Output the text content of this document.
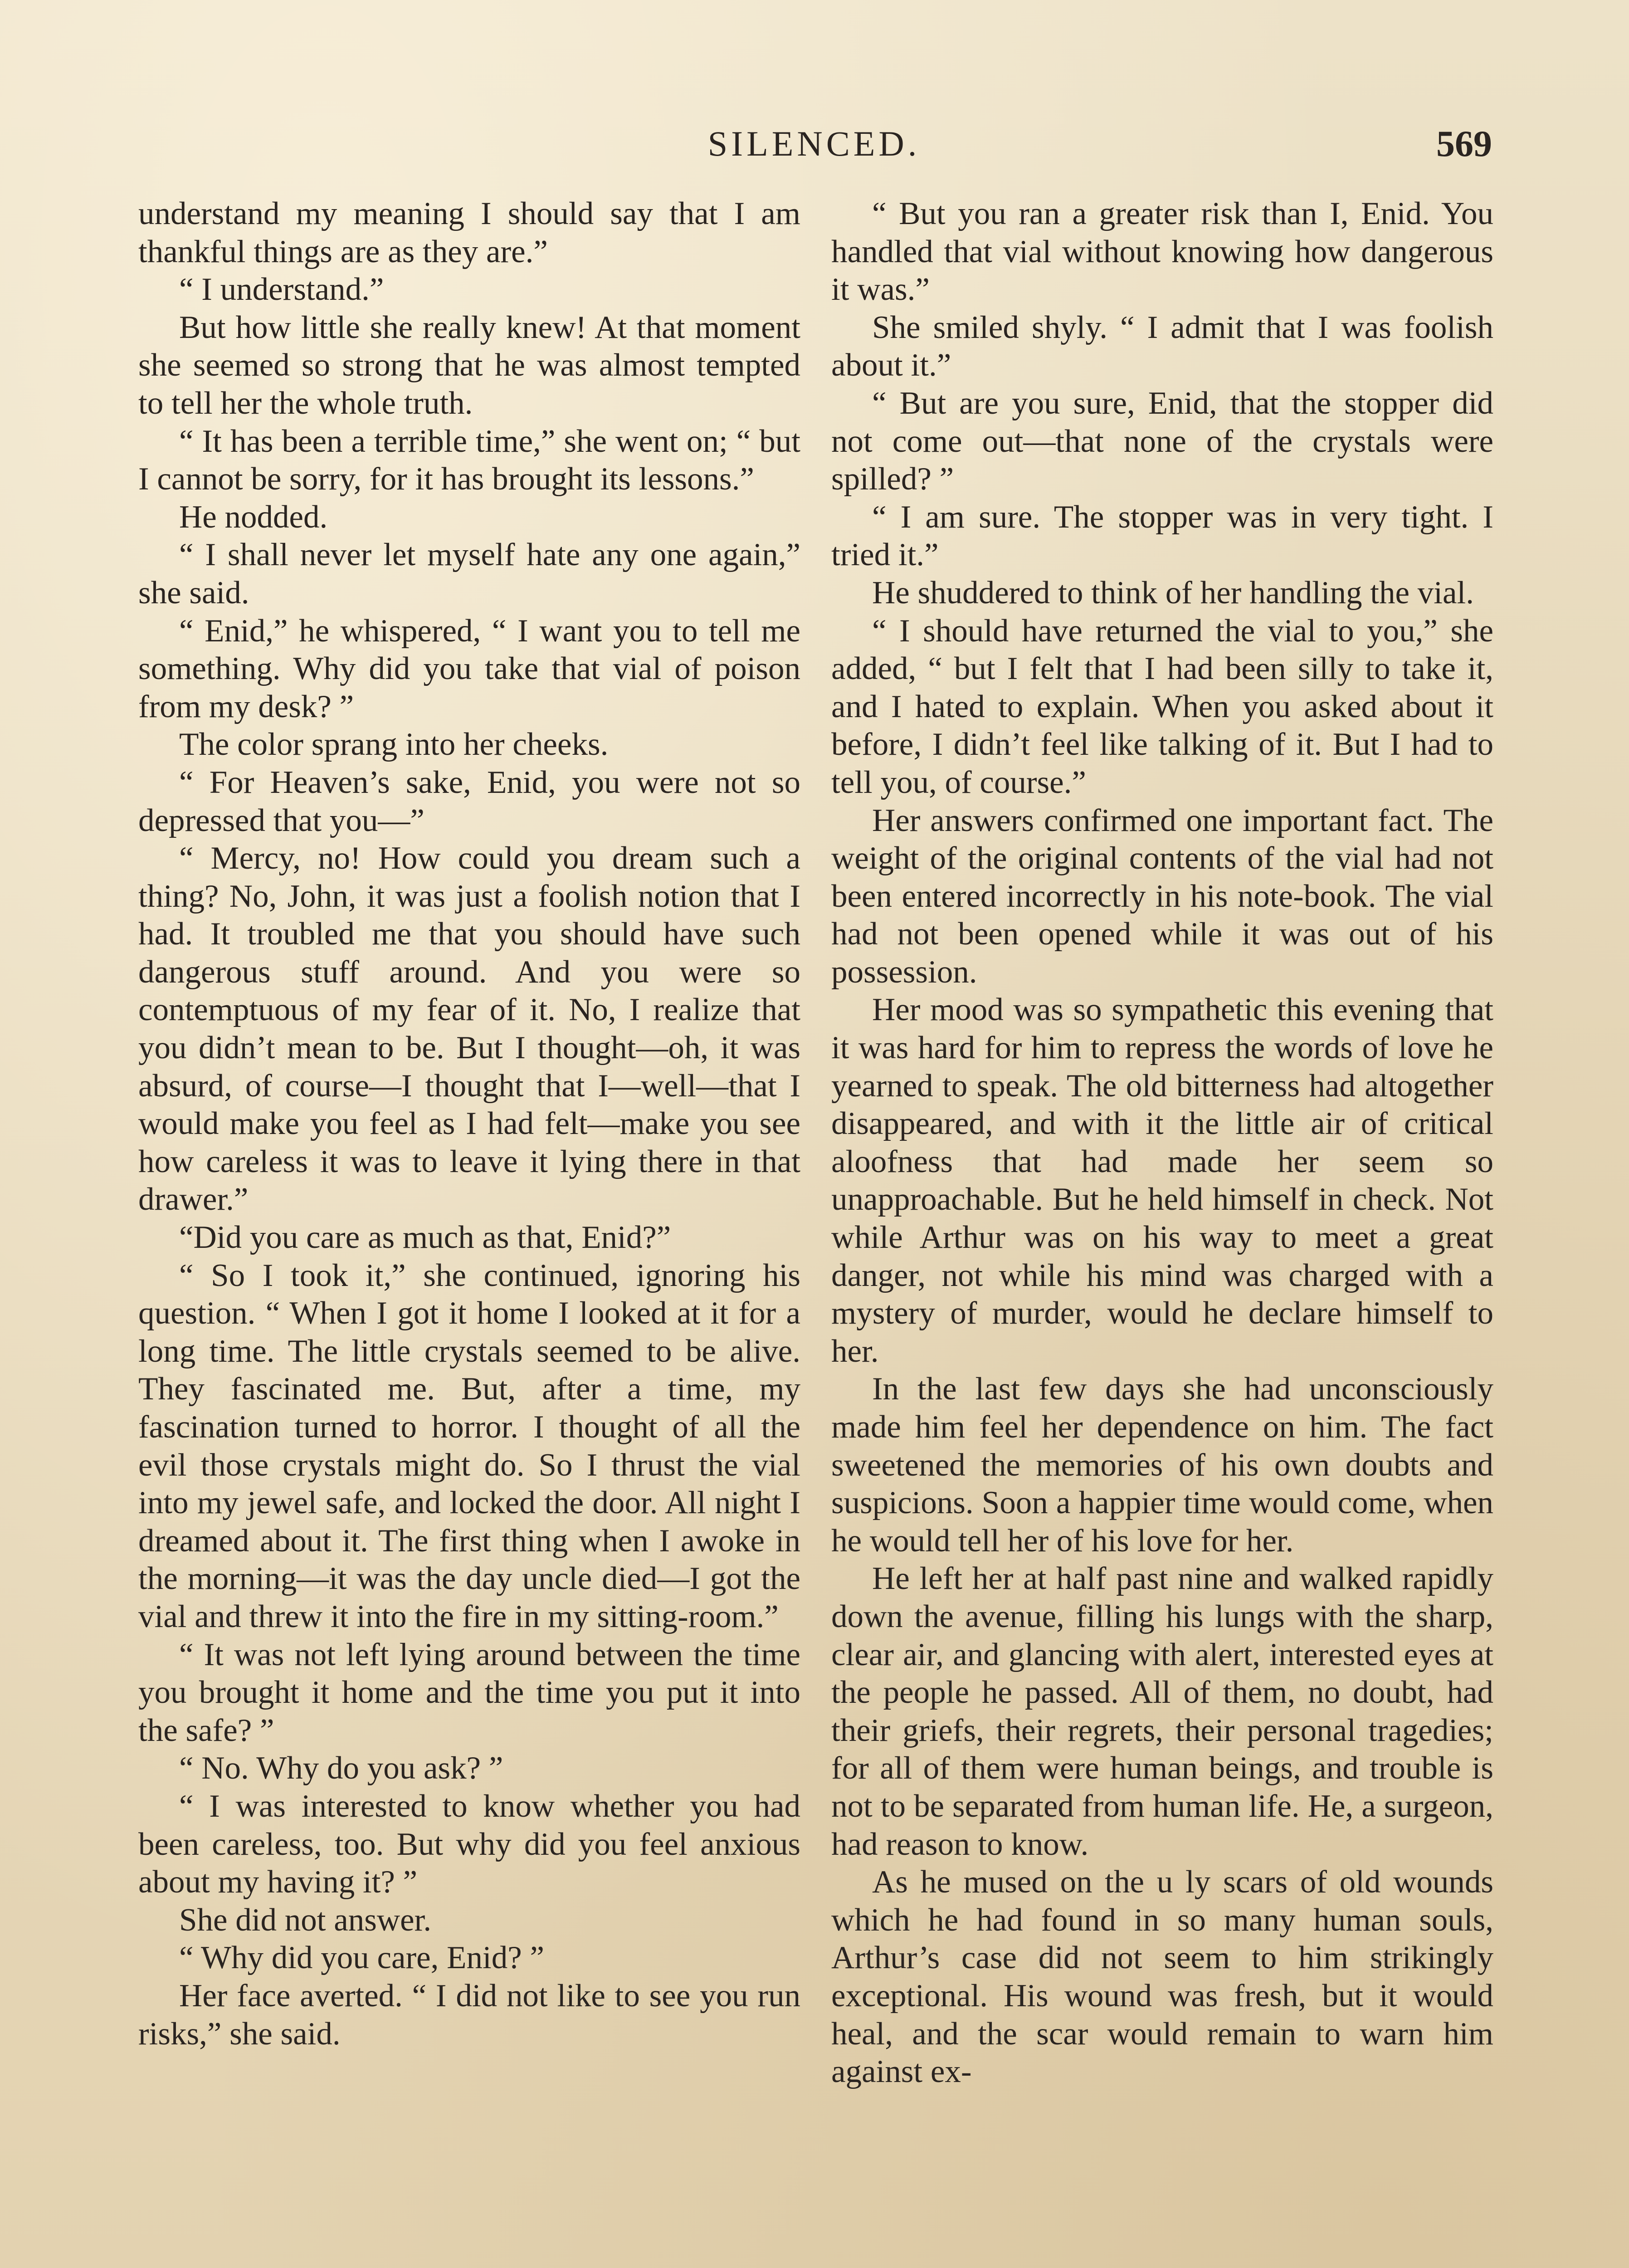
SILENCED.	569

understand my meaning I should say that I am thankful things are as they are.”

“ I understand.”

But how little she really knew! At that moment she seemed so strong that he was almost tempted to tell her the whole truth.

“ It has been a terrible time,” she went on; “ but I cannot be sorry, for it has brought its lessons.”

He nodded.

“ I shall never let myself hate any one again,” she said.

“ Enid,” he whispered, “ I want you to tell me something. Why did you take that vial of poison from my desk? ”

The color sprang into her cheeks.

“ For Heaven’s sake, Enid, you were not so depressed that you—”

“ Mercy, no! How could you dream such a thing? No, John, it was just a foolish notion that I had. It troubled me that you should have such dangerous stuff around. And you were so contemptuous of my fear of it. No, I realize that you didn’t mean to be. But I thought—oh, it was absurd, of course—I thought that I—well—that I would make you feel as I had felt—make you see how careless it was to leave it lying there in that drawer.”

“Did you care as much as that, Enid?”

“ So I took it,” she continued, ignoring his question. “ When I got it home I looked at it for a long time. The little crystals seemed to be alive. They fascinated me. But, after a time, my fascination turned to horror. I thought of all the evil those crystals might do. So I thrust the vial into my jewel safe, and locked the door. All night I dreamed about it. The first thing when I awoke in the morning—it was the day uncle died—I got the vial and threw it into the fire in my sitting-room.”

“ It was not left lying around between the time you brought it home and the time you put it into the safe? ”

“ No. Why do you ask? ”

“ I was interested to know whether you had been careless, too. But why did you feel anxious about my having it? ”

She did not answer.

“ Why did you care, Enid? ”

Her face averted. “ I did not like to see you run risks,” she said.

“ But you ran a greater risk than I, Enid. You handled that vial without knowing how dangerous it was.”

She smiled shyly. “ I admit that I was foolish about it.”

“ But are you sure, Enid, that the stopper did not come out—that none of the crystals were spilled? ”

“ I am sure. The stopper was in very tight. I tried it.”

He shuddered to think of her handling the vial.

“ I should have returned the vial to you,” she added, “ but I felt that I had been silly to take it, and I hated to explain. When you asked about it before, I didn’t feel like talking of it. But I had to tell you, of course.”

Her answers confirmed one important fact. The weight of the original contents of the vial had not been entered incorrectly in his note-book. The vial had not been opened while it was out of his possession.

Her mood was so sympathetic this evening that it was hard for him to repress the words of love he yearned to speak. The old bitterness had altogether disappeared, and with it the little air of critical aloofness that had made her seem so unapproachable. But he held himself in check. Not while Arthur was on his way to meet a great danger, not while his mind was charged with a mystery of murder, would he declare himself to her.

In the last few days she had unconsciously made him feel her dependence on him. The fact sweetened the memories of his own doubts and suspicions. Soon a happier time would come, when he would tell her of his love for her.

He left her at half past nine and walked rapidly down the avenue, filling his lungs with the sharp, clear air, and glancing with alert, interested eyes at the people he passed. All of them, no doubt, had their griefs, their regrets, their personal tragedies; for all of them were human beings, and trouble is not to be separated from human life. He, a surgeon, had reason to know.

As he mused on the u ly scars of old wounds which he had found in so many human souls, Arthur’s case did not seem to him strikingly exceptional. His wound was fresh, but it would heal, and the scar would remain to warn him against ex-
